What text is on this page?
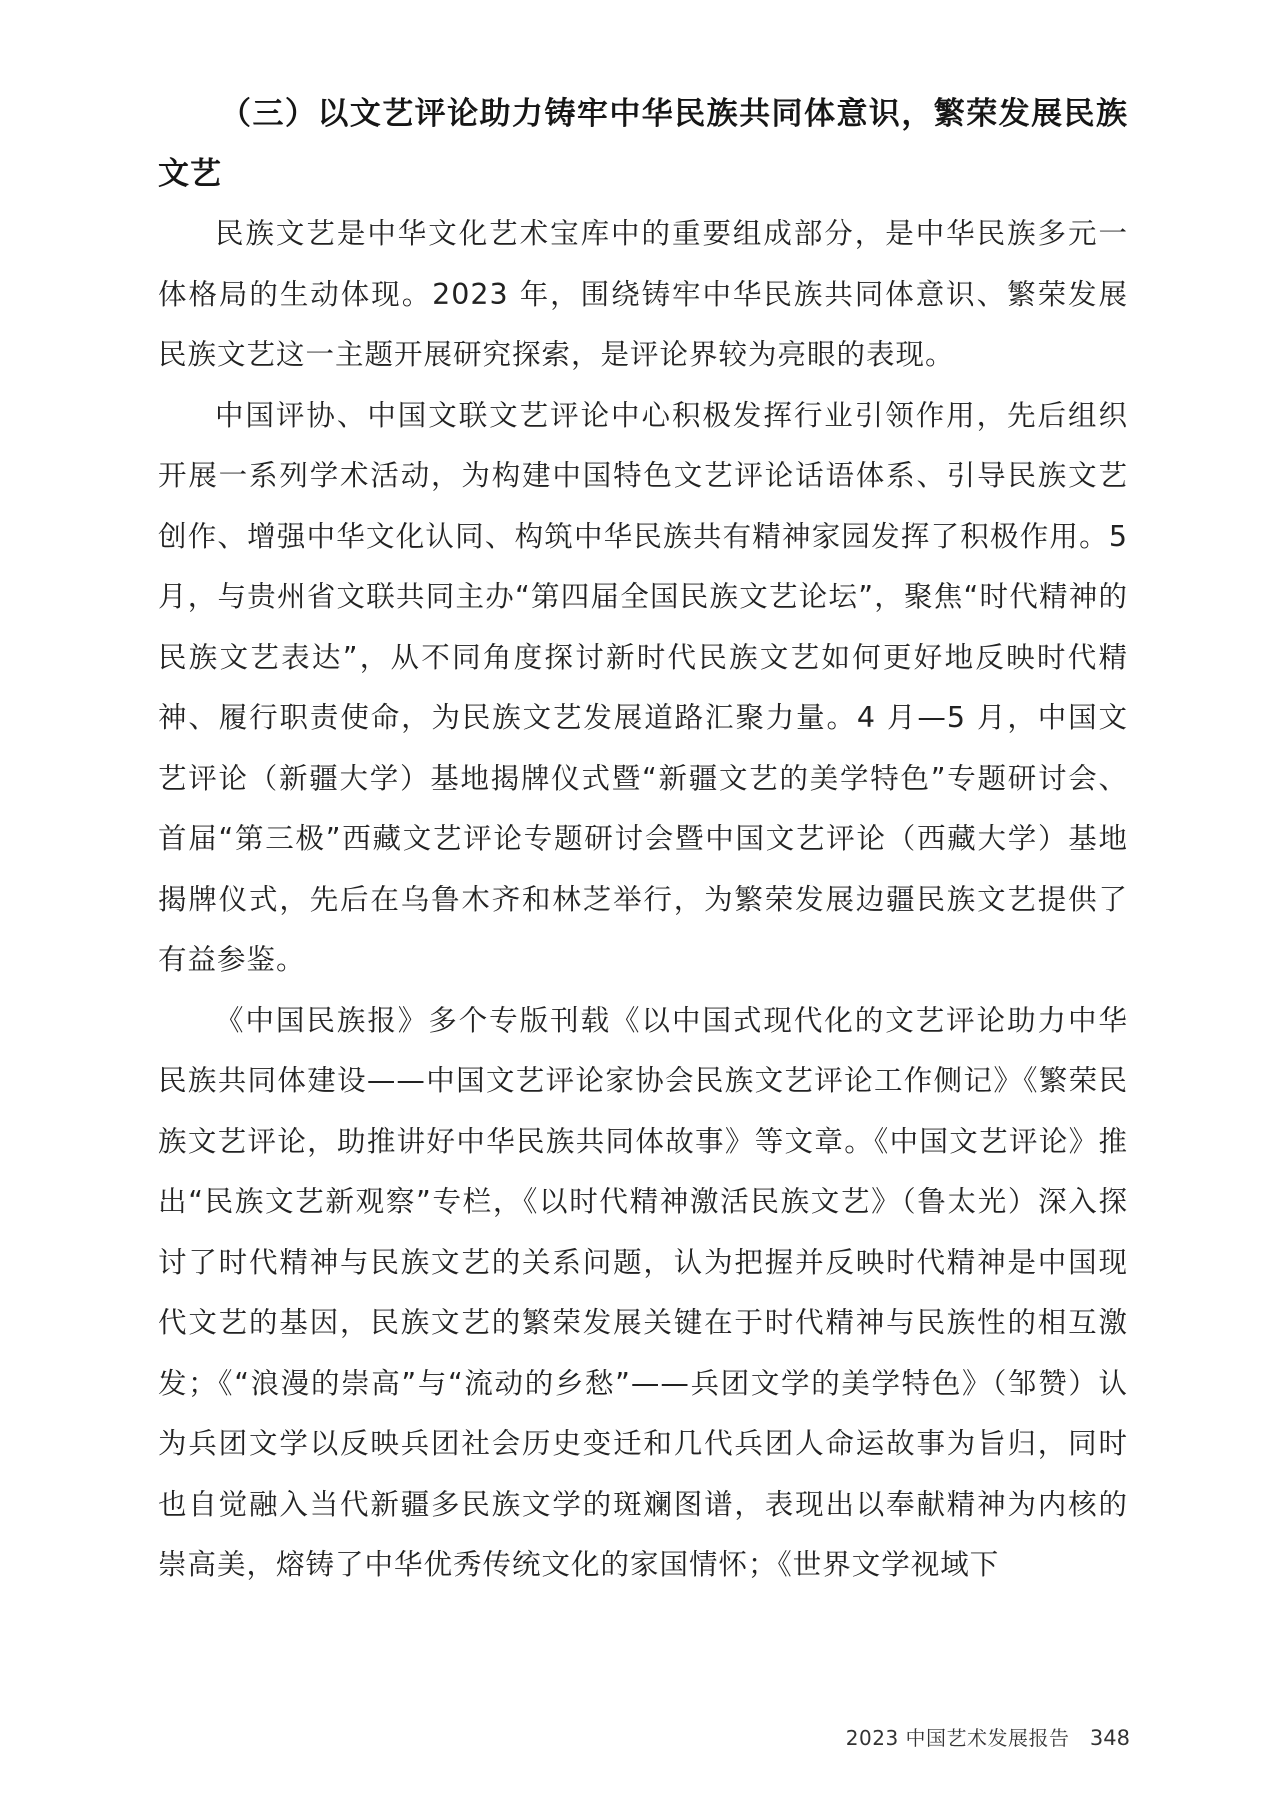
（三）以文艺评论助力铸牢中华民族共同体意识，繁荣发展民族文艺

民族文艺是中华文化艺术宝库中的重要组成部分，是中华民族多元一体格局的生动体现。2023 年，围绕铸牢中华民族共同体意识、繁荣发展民族文艺这一主题开展研究探索，是评论界较为亮眼的表现。

中国评协、中国文联文艺评论中心积极发挥行业引领作用，先后组织开展一系列学术活动，为构建中国特色文艺评论话语体系、引导民族文艺创作、增强中华文化认同、构筑中华民族共有精神家园发挥了积极作用。5 月，与贵州省文联共同主办“第四届全国民族文艺论坛”，聚焦“时代精神的民族文艺表达”，从不同角度探讨新时代民族文艺如何更好地反映时代精神、履行职责使命，为民族文艺发展道路汇聚力量。4 月—5 月，中国文艺评论（新疆大学）基地揭牌仪式暨“新疆文艺的美学特色”专题研讨会、首届“第三极”西藏文艺评论专题研讨会暨中国文艺评论（西藏大学）基地揭牌仪式，先后在乌鲁木齐和林芝举行，为繁荣发展边疆民族文艺提供了有益参鉴。

《中国民族报》多个专版刊载《以中国式现代化的文艺评论助力中华民族共同体建设——中国文艺评论家协会民族文艺评论工作侧记》《繁荣民族文艺评论，助推讲好中华民族共同体故事》等文章。《中国文艺评论》推出“民族文艺新观察”专栏，《以时代精神激活民族文艺》（鲁太光）深入探讨了时代精神与民族文艺的关系问题，认为把握并反映时代精神是中国现代文艺的基因，民族文艺的繁荣发展关键在于时代精神与民族性的相互激发；《“浪漫的崇高”与“流动的乡愁”——兵团文学的美学特色》（邹赞）认为兵团文学以反映兵团社会历史变迁和几代兵团人命运故事为旨归，同时也自觉融入当代新疆多民族文学的斑斓图谱，表现出以奉献精神为内核的崇高美，熔铸了中华优秀传统文化的家国情怀；《世界文学视域下

2023 中国艺术发展报告 348
